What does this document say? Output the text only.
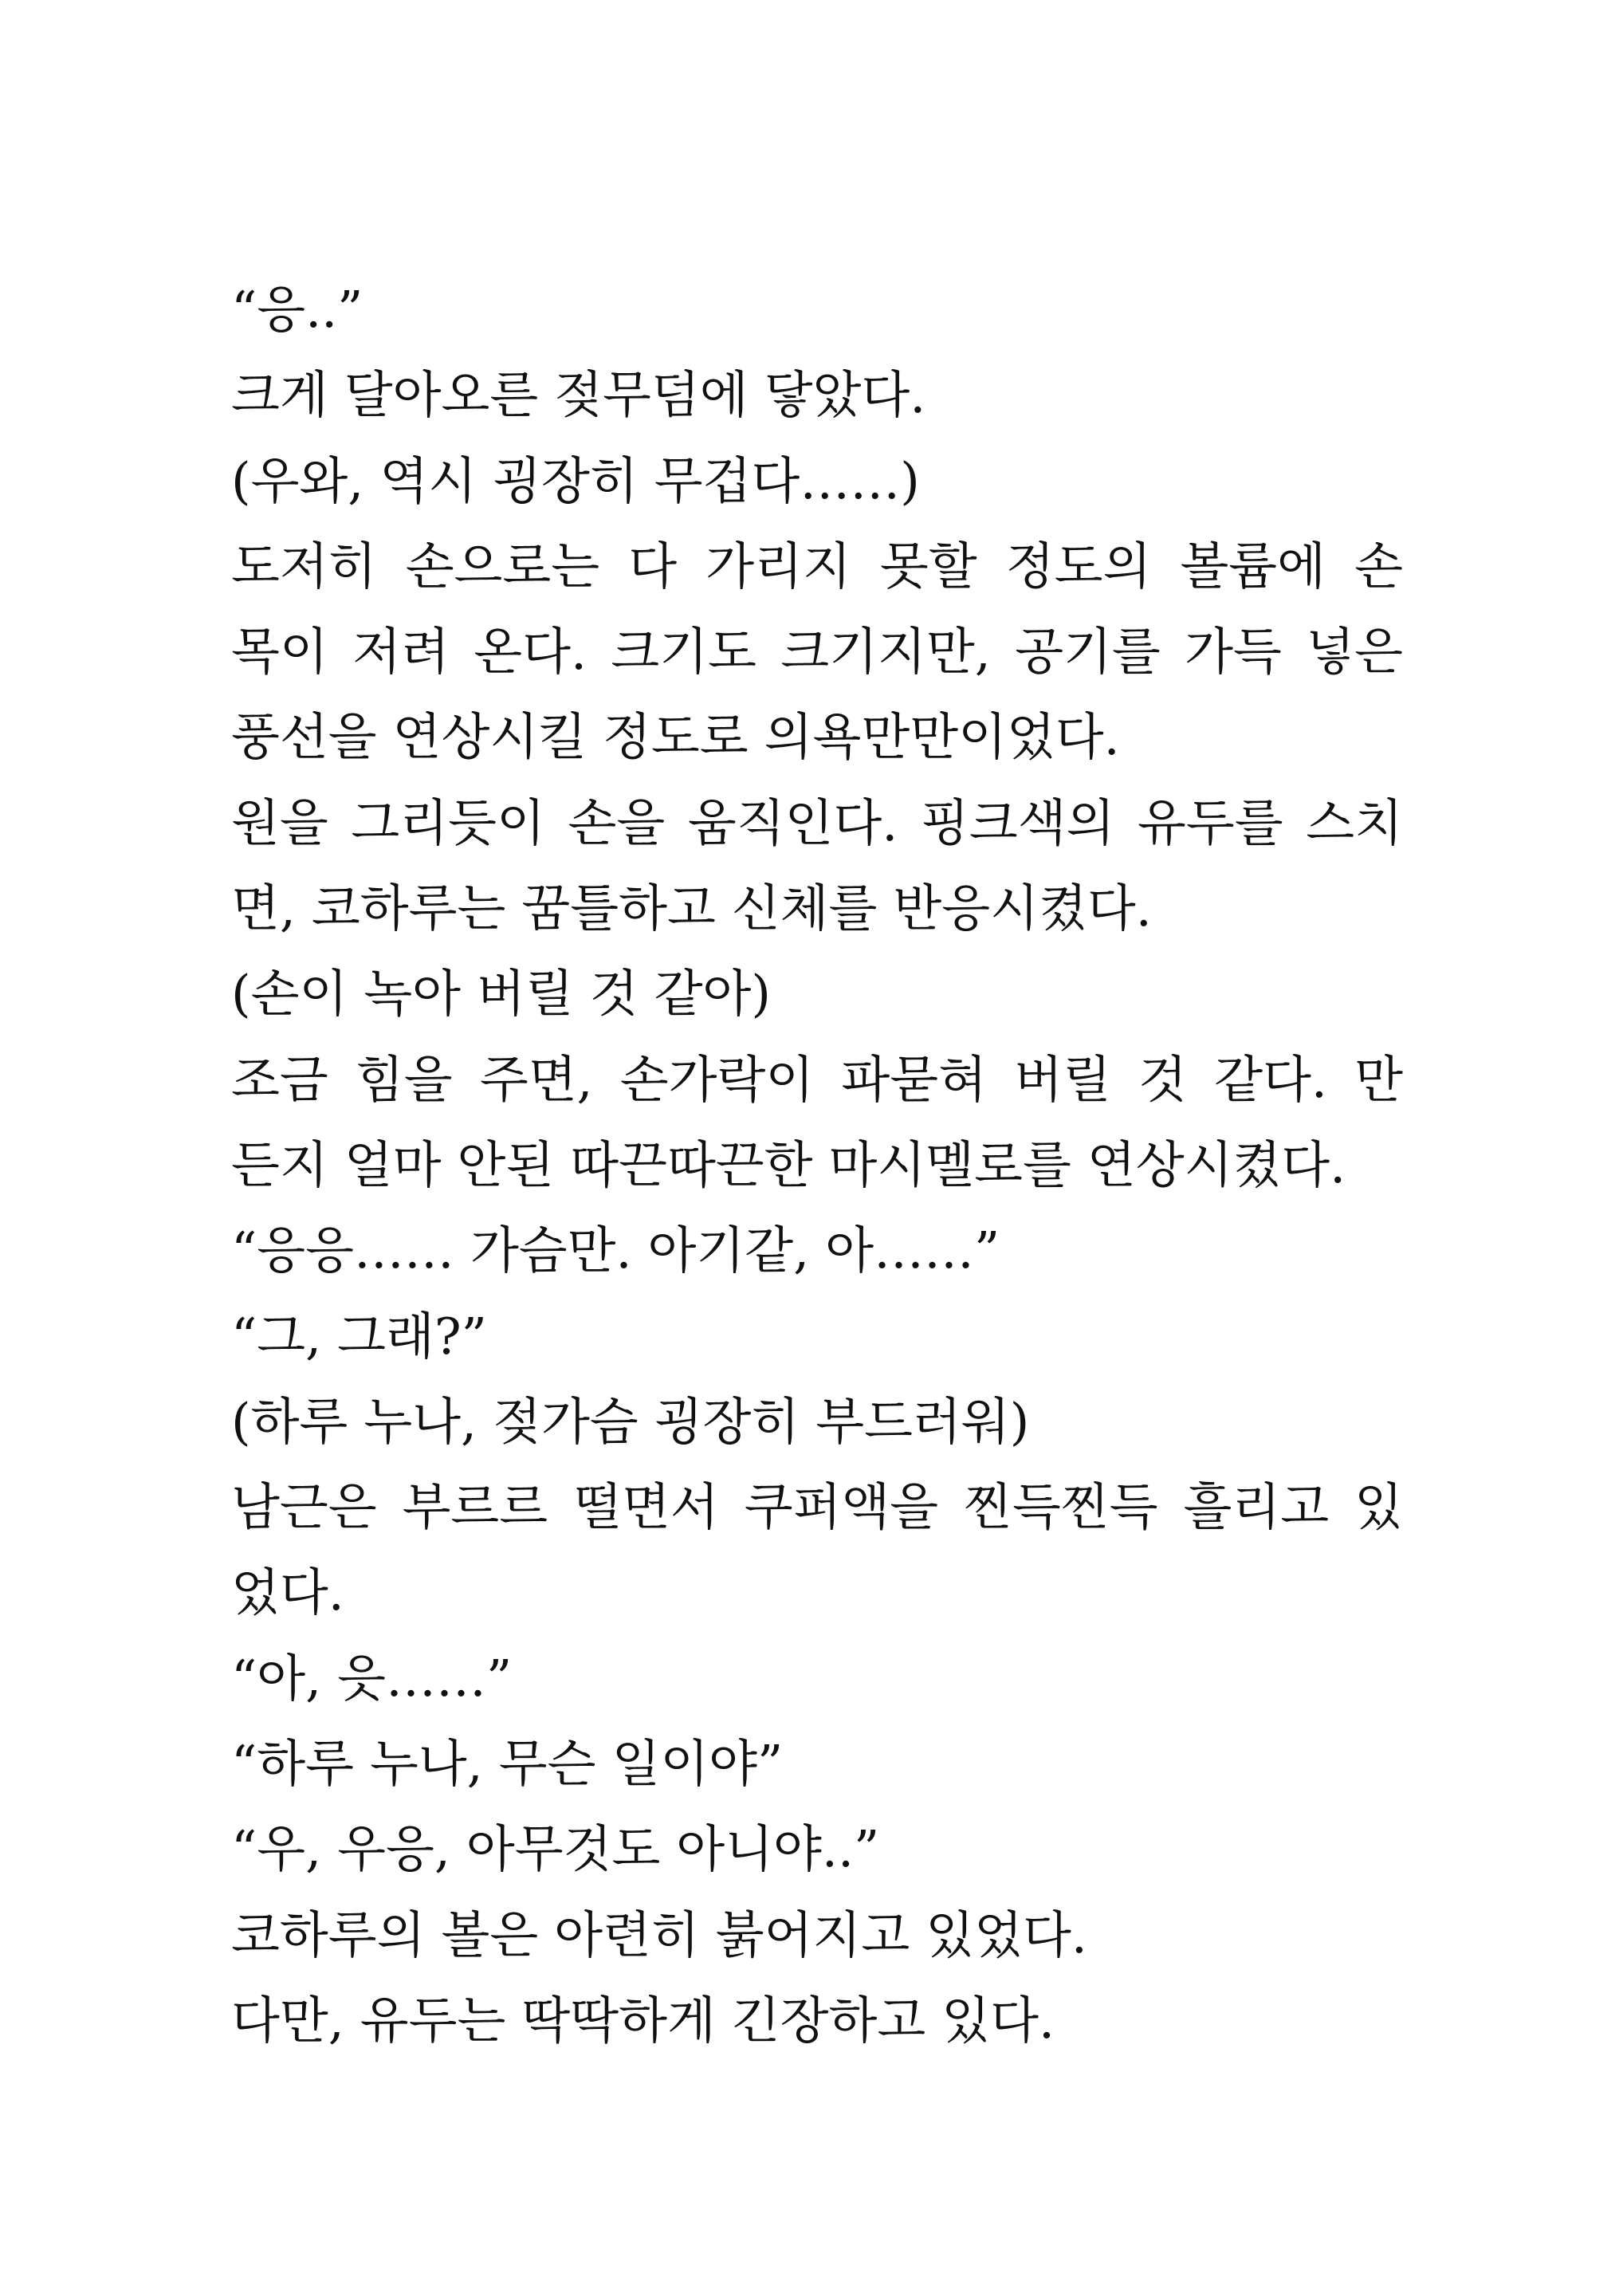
“응..”
크게 달아오른 젖무덤에 닿았다.
(우와, 역시 굉장히 무겁다……)
도저히 손으로는 다 가리지 못할 정도의 볼륨에 손
목이 저려 온다. 크기도 크기지만, 공기를 가득 넣은
풍선을 연상시킬 정도로 의욕만만이었다.
원을 그리듯이 손을 움직인다. 핑크색의 유두를 스치
면, 코하루는 꿈틀하고 신체를 반응시켰다.
(손이 녹아 버릴 것 같아)
조금 힘을 주면, 손가락이 파묻혀 버릴 것 같다. 만
든지 얼마 안된 따끈따끈한 마시멜로를 연상시켰다.
“응응…… 가슴만. 아기같, 아……”
“그, 그래?”
(하루 누나, 젖가슴 굉장히 부드러워)
남근은 부르르 떨면서 쿠퍼액을 찐득찐득 흘리고 있
었다.
“아, 읏……”
“하루 누나, 무슨 일이야”
“우, 우응, 아무것도 아니야..”
코하루의 볼은 아련히 붉어지고 있었다.
다만, 유두는 딱딱하게 긴장하고 있다.
